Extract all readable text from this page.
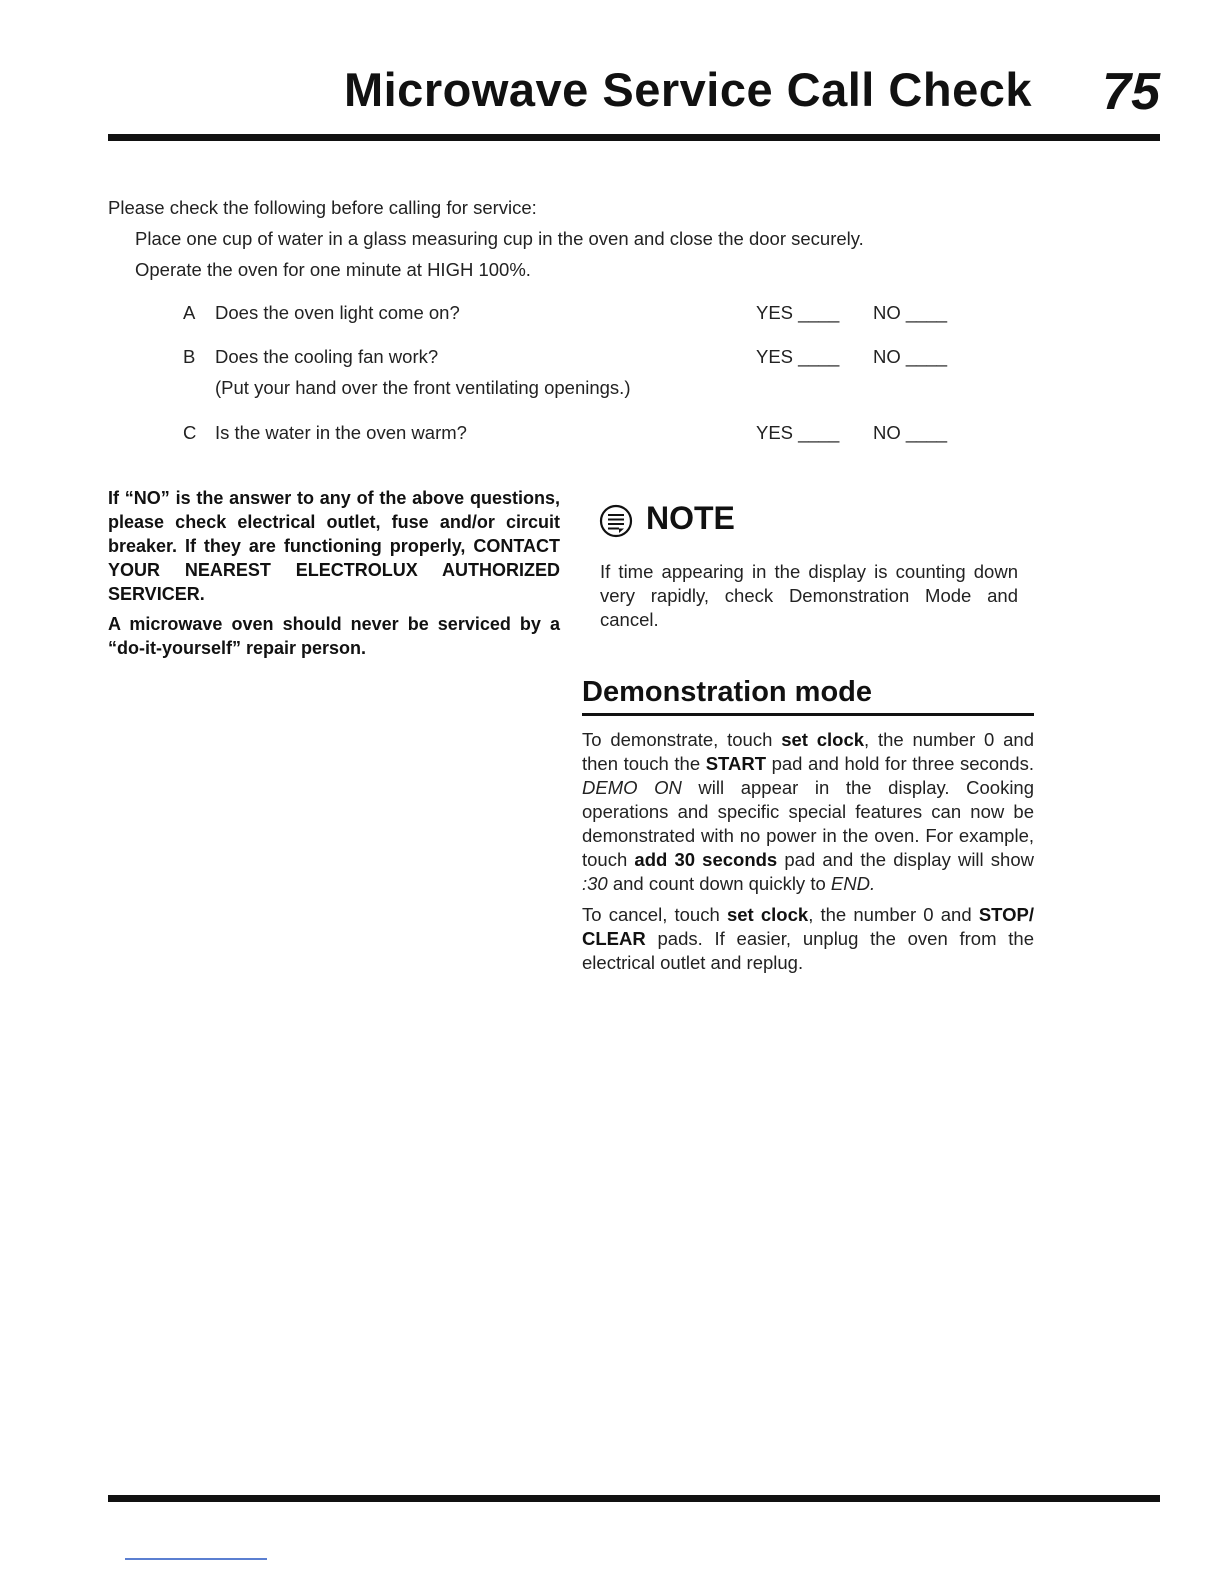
Microwave Service Call Check 75

Please check the following before calling for service:

Place one cup of water in a glass measuring cup in the oven and close the door securely.

Operate the oven for one minute at HIGH 100%.

A Does the oven light come on?	YES ____ NO ____
B Does the cooling fan work?
(Put your hand over the front ventilating openings.)
YES ____ NO ____
C Is the water in the oven warm?	YES ____ NO ____

If “NO” is the answer to any of the above questions, please check electrical outlet, fuse and/or circuit breaker. If they are functioning properly, CONTACT YOUR NEAREST ELECTROLUX AUTHORIZED SERVICER.

A microwave oven should never be serviced by a “do-it-yourself” repair person.

NOTE
If time appearing in the display is counting down very rapidly, check Demonstration Mode and cancel.
Demonstration mode

To demonstrate, touch set clock, the number 0 and then touch the START pad and hold for three seconds. DEMO ON will appear in the display. Cooking operations and specific special features can now be demonstrated with no power in the oven. For example, touch add 30 seconds pad and the display will show :30 and count down quickly to END.

To cancel, touch set clock, the number 0 and STOP/ CLEAR pads. If easier, unplug the oven from the electrical outlet and replug.
